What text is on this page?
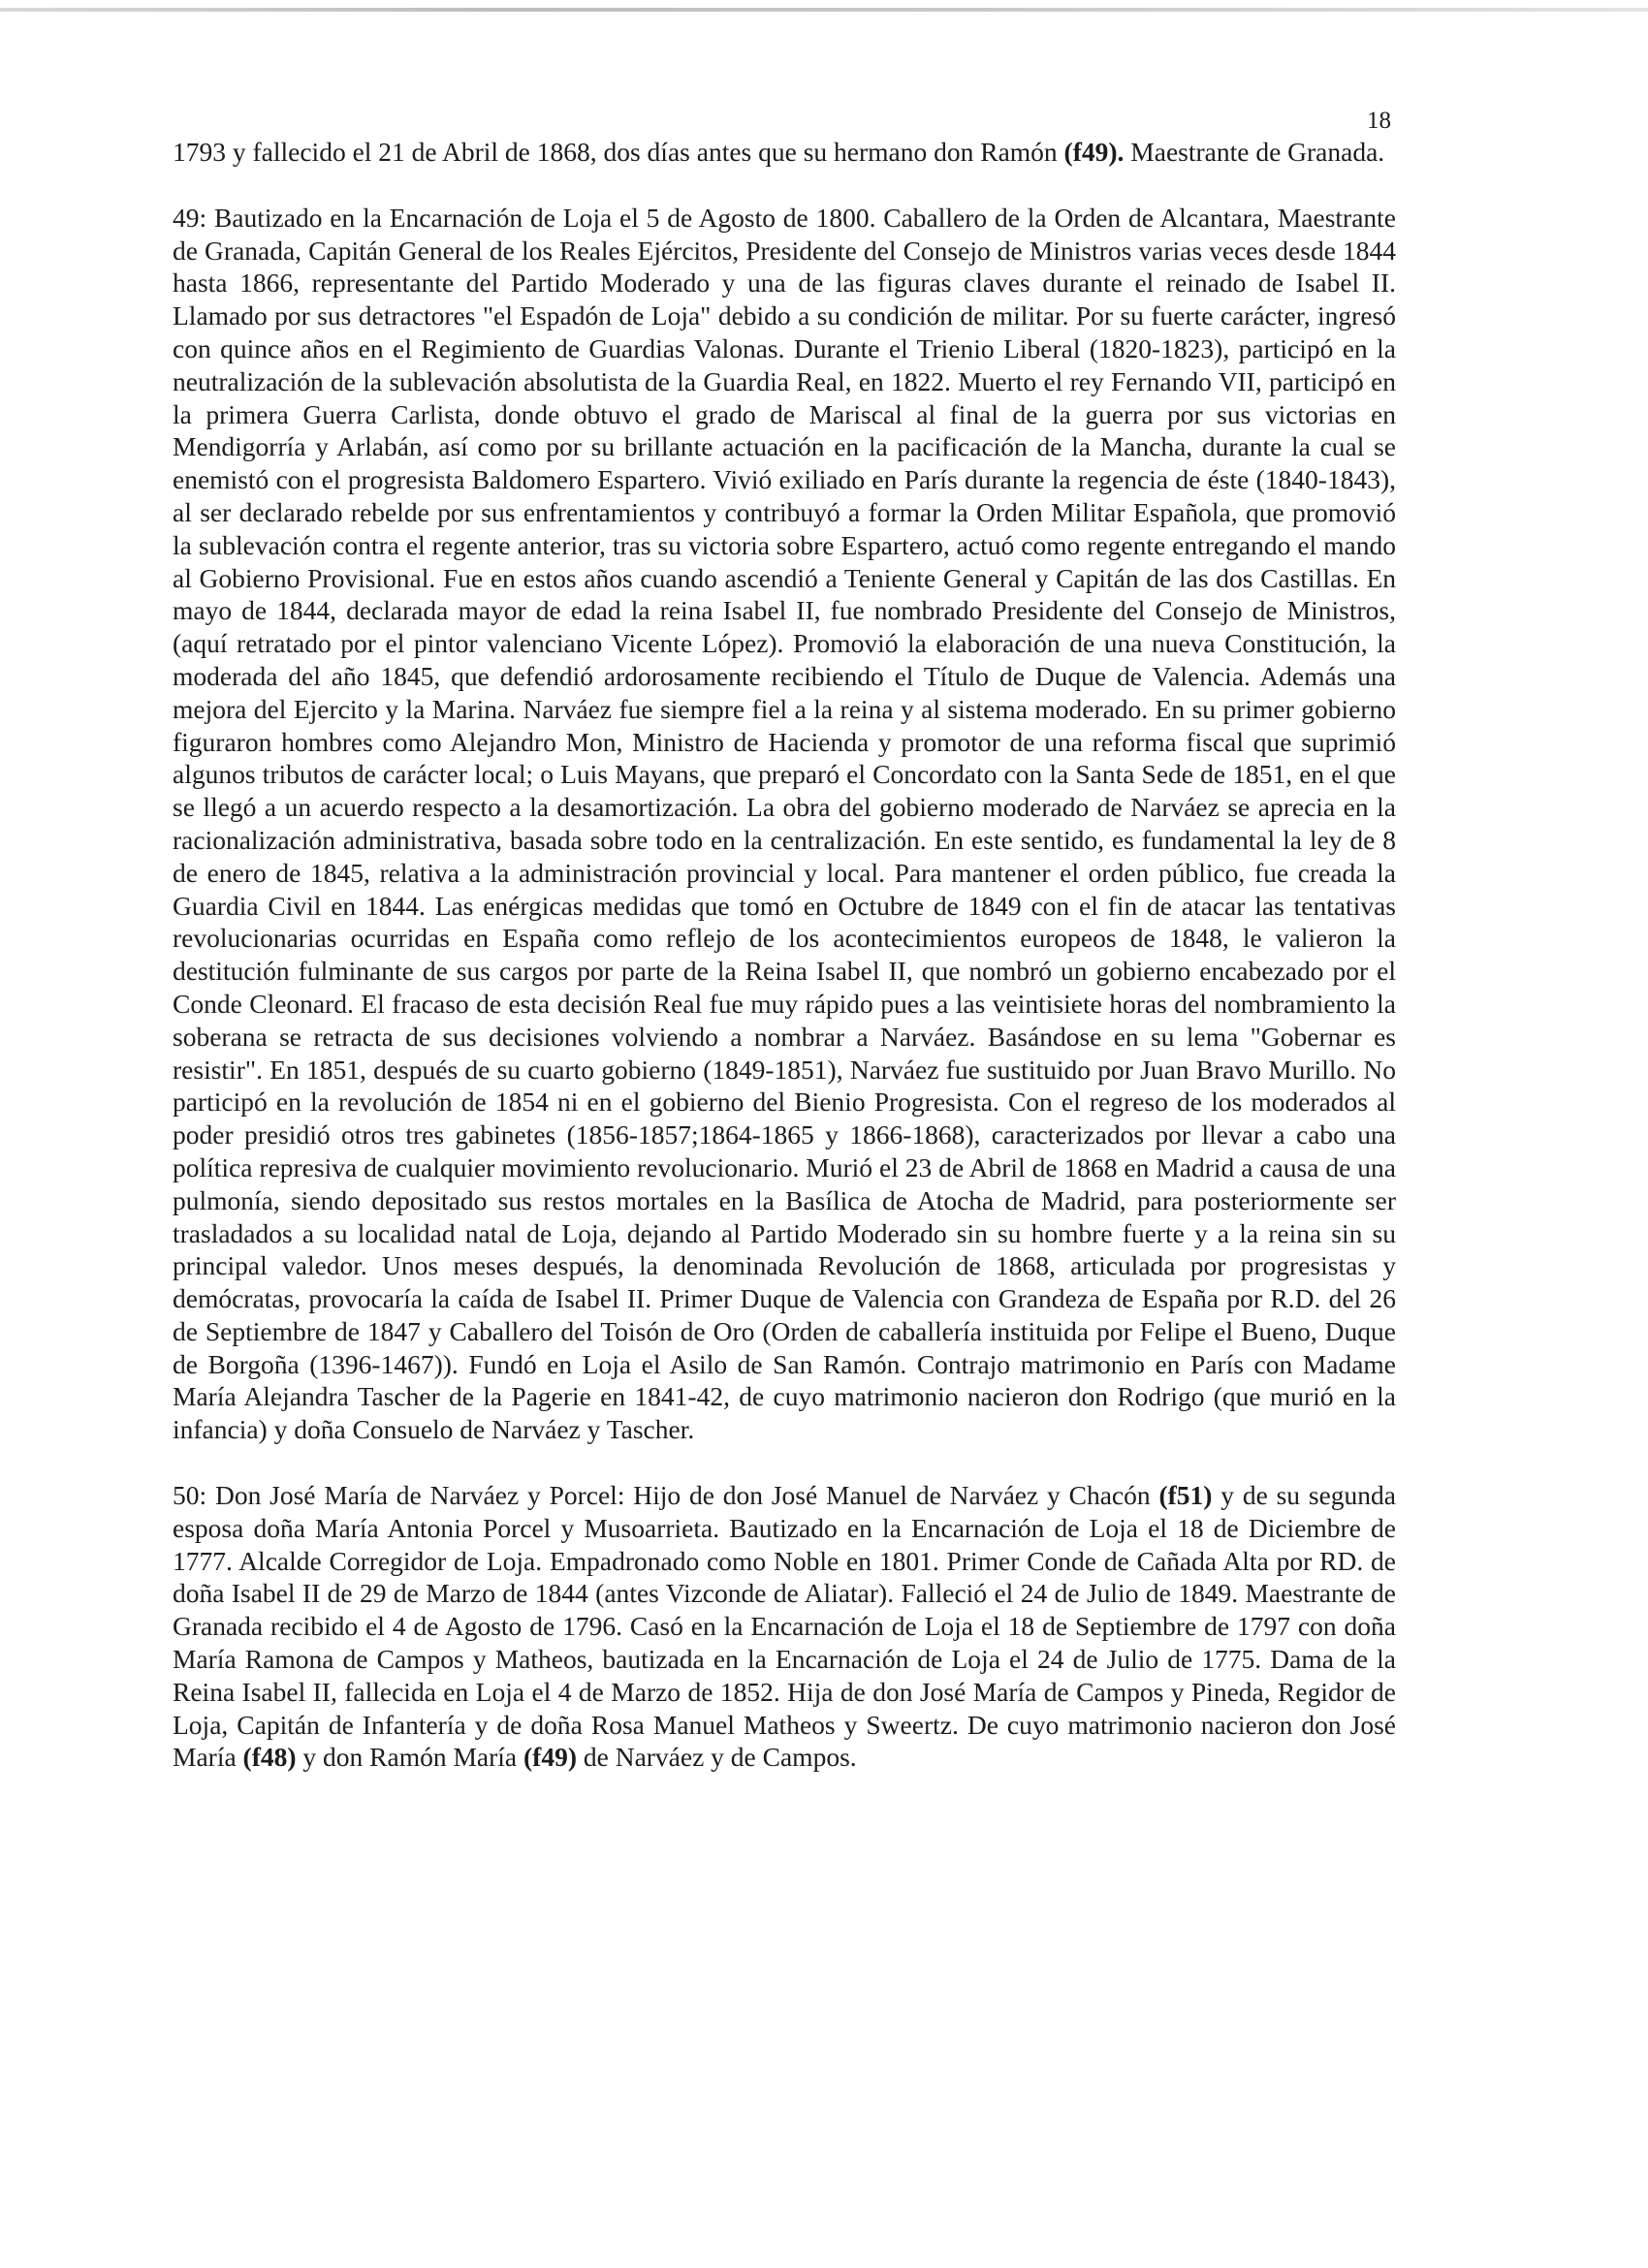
18

1793 y fallecido el 21 de Abril de 1868, dos días antes que su hermano don Ramón (f49). Maestrante de Granada.

49: Bautizado en la Encarnación de Loja el 5 de Agosto de 1800. Caballero de la Orden de Alcantara, Maestrante de Granada, Capitán General de los Reales Ejércitos, Presidente del Consejo de Ministros varias veces desde 1844 hasta 1866, representante del Partido Moderado y una de las figuras claves durante el reinado de Isabel II. Llamado por sus detractores "el Espadón de Loja" debido a su condición de militar. Por su fuerte carácter, ingresó con quince años en el Regimiento de Guardias Valonas. Durante el Trienio Liberal (1820-1823), participó en la neutralización de la sublevación absolutista de la Guardia Real, en 1822. Muerto el rey Fernando VII, participó en la primera Guerra Carlista, donde obtuvo el grado de Mariscal al final de la guerra por sus victorias en Mendigorría y Arlabán, así como por su brillante actuación en la pacificación de la Mancha, durante la cual se enemistó con el progresista Baldomero Espartero. Vivió exiliado en París durante la regencia de éste (1840-1843), al ser declarado rebelde por sus enfrentamientos y contribuyó a formar la Orden Militar Española, que promovió la sublevación contra el regente anterior, tras su victoria sobre Espartero, actuó como regente entregando el mando al Gobierno Provisional. Fue en estos años cuando ascendió a Teniente General y Capitán de las dos Castillas. En mayo de 1844, declarada mayor de edad la reina Isabel II, fue nombrado Presidente del Consejo de Ministros, (aquí retratado por el pintor valenciano Vicente López). Promovió la elaboración de una nueva Constitución, la moderada del año 1845, que defendió ardorosamente recibiendo el Título de Duque de Valencia. Además una mejora del Ejercito y la Marina. Narváez fue siempre fiel a la reina y al sistema moderado. En su primer gobierno figuraron hombres como Alejandro Mon, Ministro de Hacienda y promotor de una reforma fiscal que suprimió algunos tributos de carácter local; o Luis Mayans, que preparó el Concordato con la Santa Sede de 1851, en el que se llegó a un acuerdo respecto a la desamortización. La obra del gobierno moderado de Narváez se aprecia en la racionalización administrativa, basada sobre todo en la centralización. En este sentido, es fundamental la ley de 8 de enero de 1845, relativa a la administración provincial y local. Para mantener el orden público, fue creada la Guardia Civil en 1844. Las enérgicas medidas que tomó en Octubre de 1849 con el fin de atacar las tentativas revolucionarias ocurridas en España como reflejo de los acontecimientos europeos de 1848, le valieron la destitución fulminante de sus cargos por parte de la Reina Isabel II, que nombró un gobierno encabezado por el Conde Cleonard. El fracaso de esta decisión Real fue muy rápido pues a las veintisiete horas del nombramiento la soberana se retracta de sus decisiones volviendo a nombrar a Narváez. Basándose en su lema "Gobernar es resistir". En 1851, después de su cuarto gobierno (1849-1851), Narváez fue sustituido por Juan Bravo Murillo. No participó en la revolución de 1854 ni en el gobierno del Bienio Progresista. Con el regreso de los moderados al poder presidió otros tres gabinetes (1856-1857;1864-1865 y 1866-1868), caracterizados por llevar a cabo una política represiva de cualquier movimiento revolucionario. Murió el 23 de Abril de 1868 en Madrid a causa de una pulmonía, siendo depositado sus restos mortales en la Basílica de Atocha de Madrid, para posteriormente ser trasladados a su localidad natal de Loja, dejando al Partido Moderado sin su hombre fuerte y a la reina sin su principal valedor. Unos meses después, la denominada Revolución de 1868, articulada por progresistas y demócratas, provocaría la caída de Isabel II. Primer Duque de Valencia con Grandeza de España por R.D. del 26 de Septiembre de 1847 y Caballero del Toisón de Oro (Orden de caballería instituida por Felipe el Bueno, Duque de Borgoña (1396-1467)). Fundó en Loja el Asilo de San Ramón. Contrajo matrimonio en París con Madame María Alejandra Tascher de la Pagerie en 1841-42, de cuyo matrimonio nacieron don Rodrigo (que murió en la infancia) y doña Consuelo de Narváez y Tascher.

50: Don José María de Narváez y Porcel: Hijo de don José Manuel de Narváez y Chacón (f51) y de su segunda esposa doña María Antonia Porcel y Musoarrieta. Bautizado en la Encarnación de Loja el 18 de Diciembre de 1777. Alcalde Corregidor de Loja. Empadronado como Noble en 1801. Primer Conde de Cañada Alta por RD. de doña Isabel II de 29 de Marzo de 1844 (antes Vizconde de Aliatar). Falleció el 24 de Julio de 1849. Maestrante de Granada recibido el 4 de Agosto de 1796. Casó en la Encarnación de Loja el 18 de Septiembre de 1797 con doña María Ramona de Campos y Matheos, bautizada en la Encarnación de Loja el 24 de Julio de 1775. Dama de la Reina Isabel II, fallecida en Loja el 4 de Marzo de 1852. Hija de don José María de Campos y Pineda, Regidor de Loja, Capitán de Infantería y de doña Rosa Manuel Matheos y Sweertz. De cuyo matrimonio nacieron don José María (f48) y don Ramón María (f49) de Narváez y de Campos.
